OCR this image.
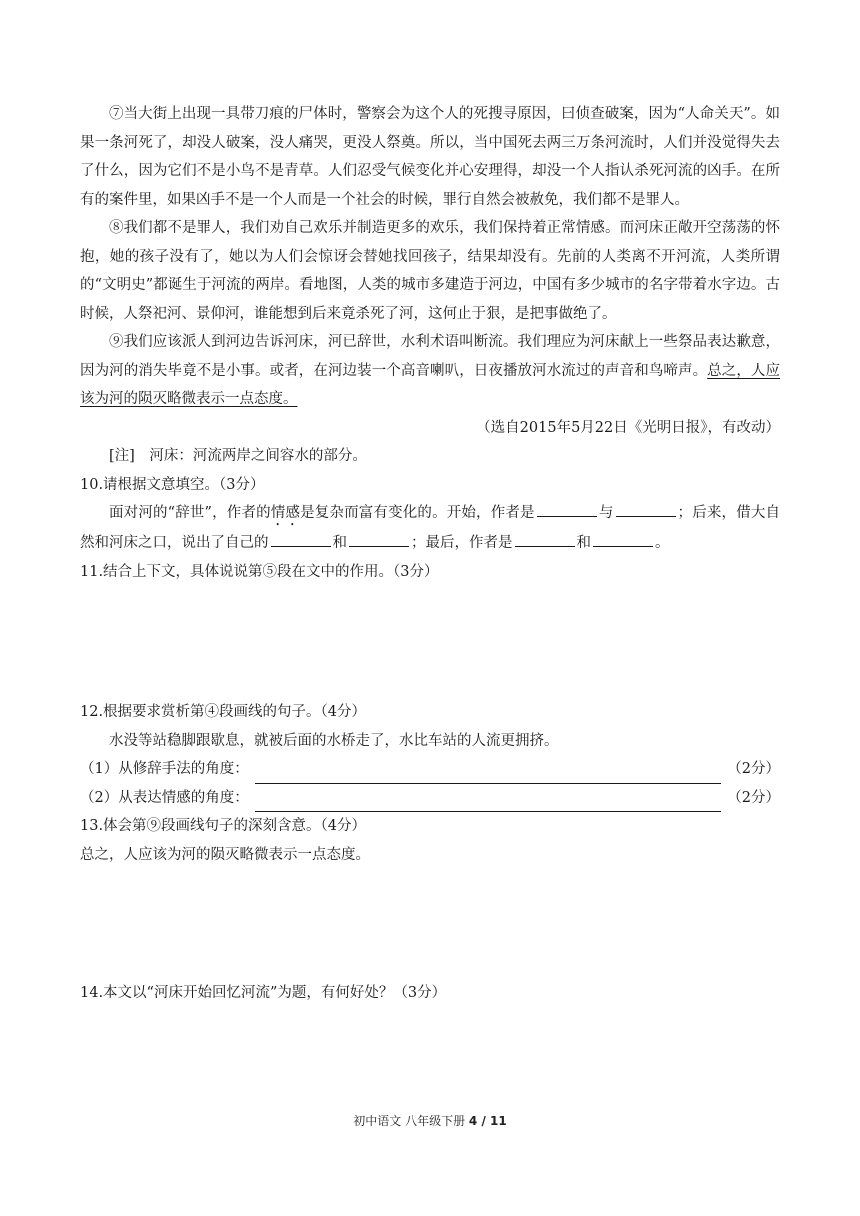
⑦当大街上出现一具带刀痕的尸体时，警察会为这个人的死搜寻原因，曰侦查破案，因为“人命关天”。如果一条河死了，却没人破案，没人痛哭，更没人祭奠。所以，当中国死去两三万条河流时，人们并没觉得失去了什么，因为它们不是小鸟不是青草。人们忍受气候变化并心安理得，却没一个人指认杀死河流的凶手。在所有的案件里，如果凶手不是一个人而是一个社会的时候，罪行自然会被赦免，我们都不是罪人。

⑧我们都不是罪人，我们劝自己欢乐并制造更多的欢乐，我们保持着正常情感。而河床正敞开空荡荡的怀抱，她的孩子没有了，她以为人们会惊讶会替她找回孩子，结果却没有。先前的人类离不开河流，人类所谓的“文明史”都诞生于河流的两岸。看地图，人类的城市多建造于河边，中国有多少城市的名字带着水字边。古时候，人祭祀河、景仰河，谁能想到后来竟杀死了河，这何止于狠，是把事做绝了。

⑨我们应该派人到河边告诉河床，河已辞世，水利术语叫断流。我们理应为河床献上一些祭品表达歉意，因为河的消失毕竟不是小事。或者，在河边装一个高音喇叭，日夜播放河水流过的声音和鸟啼声。总之，人应该为河的陨灭略微表示一点态度。

（选自2015年5月22日《光明日报》，有改动）

[注]　河床：河流两岸之间容水的部分。

10.请根据文意填空。（3分）

面对河的“辞世”，作者的情感是复杂而富有变化的。开始，作者是	与	；后来，借大自然和河床之口，说出了自己的	和	；最后，作者是	和	。

11.结合上下文，具体说说第⑤段在文中的作用。（3分）

12.根据要求赏析第④段画线的句子。（4分）

水没等站稳脚跟歇息，就被后面的水桥走了，水比车站的人流更拥挤。

（1）从修辞手法的角度：	（2分）
（2）从表达情感的角度：	（2分）

13.体会第⑨段画线句子的深刻含意。（4分）

总之，人应该为河的陨灭略微表示一点态度。

14.本文以“河床开始回忆河流”为题，有何好处？（3分）

初中语文 八年级下册 4 / 11
